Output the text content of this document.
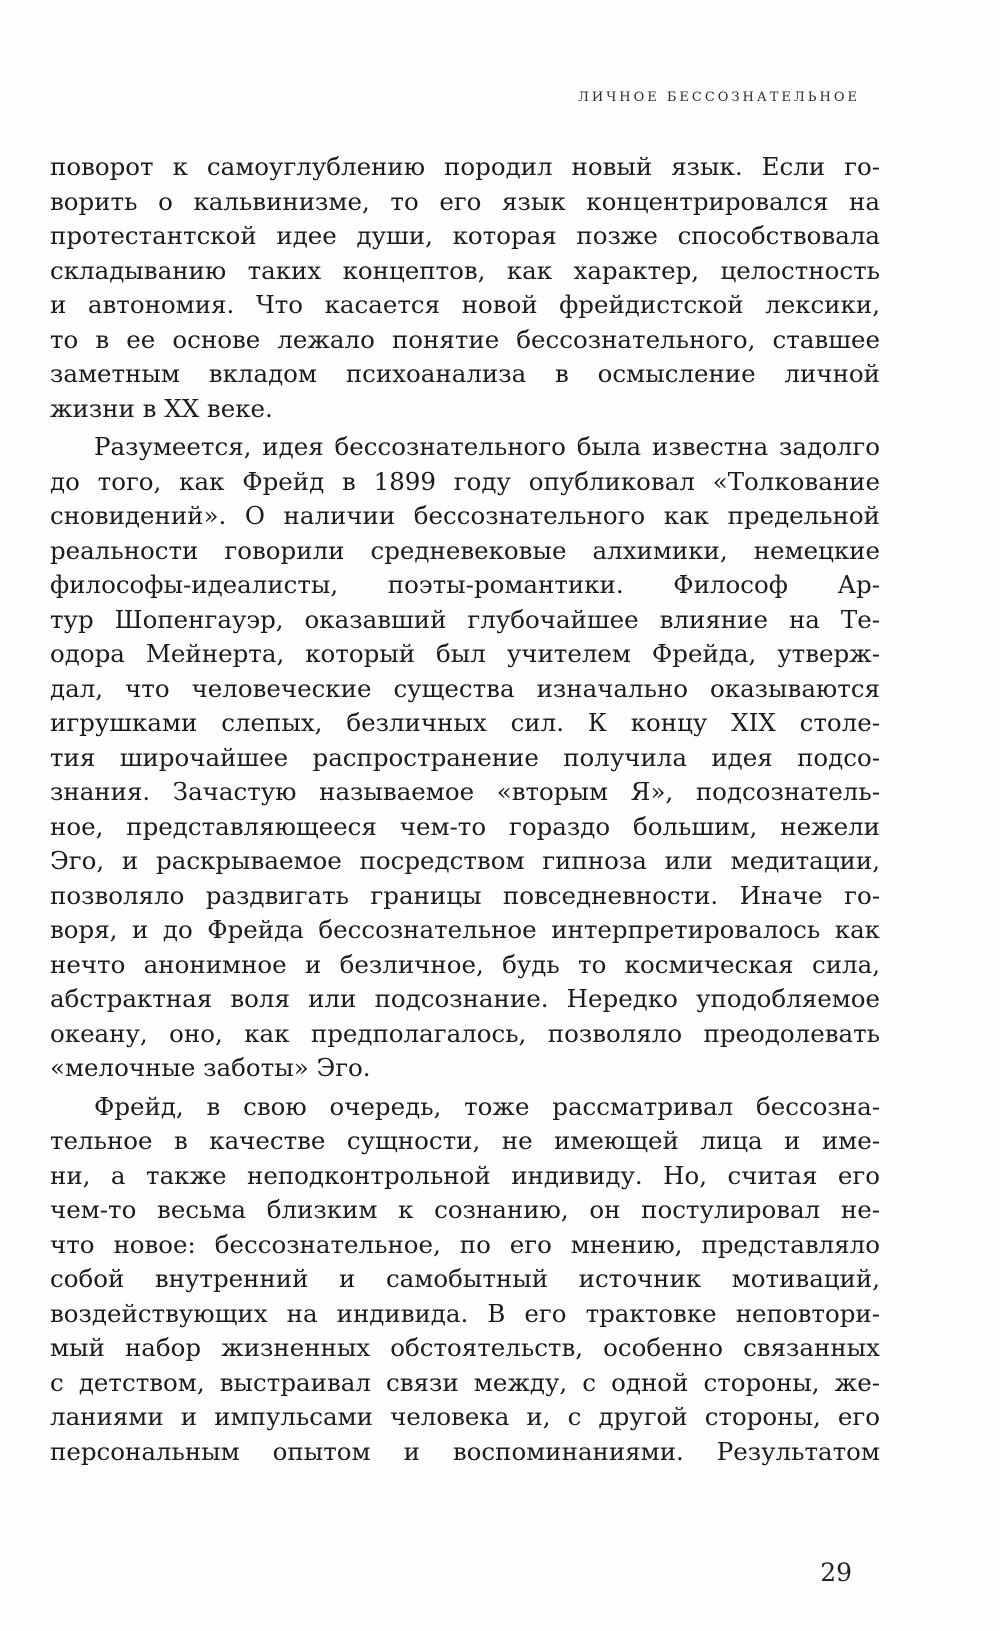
ЛИЧНОЕ БЕССОЗНАТЕЛЬНОЕ
поворот к самоуглублению породил новый язык. Если го-
ворить о кальвинизме, то его язык концентрировался на
протестантской идее души, которая позже способствовала
складыванию таких концептов, как характер, целостность
и автономия. Что касается новой фрейдистской лексики,
то в ее основе лежало понятие бессознательного, ставшее
заметным вкладом психоанализа в осмысление личной
жизни в XX веке.
Разумеется, идея бессознательного была известна задолго
до того, как Фрейд в 1899 году опубликовал «Толкование
сновидений». О наличии бессознательного как предельной
реальности говорили средневековые алхимики, немецкие
философы-идеалисты, поэты-романтики. Философ Ар-
тур Шопенгауэр, оказавший глубочайшее влияние на Те-
одора Мейнерта, который был учителем Фрейда, утверж-
дал, что человеческие существа изначально оказываются
игрушками слепых, безличных сил. К концу XIX столе-
тия широчайшее распространение получила идея подсо-
знания. Зачастую называемое «вторым Я», подсознатель-
ное, представляющееся чем-то гораздо большим, нежели
Эго, и раскрываемое посредством гипноза или медитации,
позволяло раздвигать границы повседневности. Иначе го-
воря, и до Фрейда бессознательное интерпретировалось как
нечто анонимное и безличное, будь то космическая сила,
абстрактная воля или подсознание. Нередко уподобляемое
океану, оно, как предполагалось, позволяло преодолевать
«мелочные заботы» Эго.
Фрейд, в свою очередь, тоже рассматривал бессозна-
тельное в качестве сущности, не имеющей лица и име-
ни, а также неподконтрольной индивиду. Но, считая его
чем-то весьма близким к сознанию, он постулировал не-
что новое: бессознательное, по его мнению, представляло
собой внутренний и самобытный источник мотиваций,
воздействующих на индивида. В его трактовке неповтори-
мый набор жизненных обстоятельств, особенно связанных
с детством, выстраивал связи между, с одной стороны, же-
ланиями и импульсами человека и, с другой стороны, его
персональным опытом и воспоминаниями. Результатом
29
